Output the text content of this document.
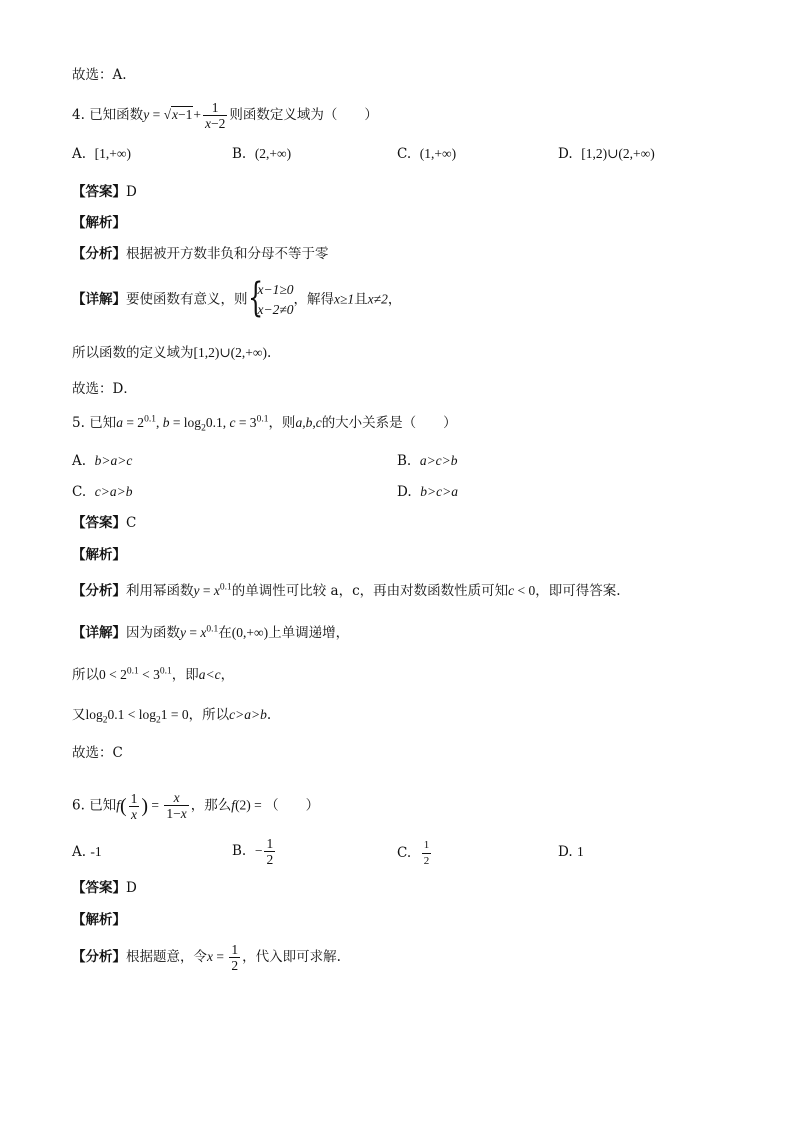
故选：A.
4. 已知函数$y = √x-1+ \frac{1}{x-2}$ 则函数定义域为（　　）
A. [1,+∞)	B. (2,+∞)	C. (1,+∞)	D. [1,2)∪(2,+∞)
【答案】D
【解析】
【分析】根据被开方数非负和分母不等于零
【详解】要使函数有意义，则 {
x−1≥0
x−2≠0
，解得x≥1且x≠2，
所以函数的定义域为[1,2)∪(2,+∞).
故选：D．
5. 已知$a = 2^{0.1}$, $b = \log_20.1$, $c = 3^{0.1}$，则a,b,c的大小关系是（　　）
A. b>a>c	B. a>c>b
C. c>a>b	D. b>c>a
【答案】C
【解析】
【分析】利用幂函数$y = x^{0.1}$的单调性可比较 a，c，再由对数函数性质可知c < 0，即可得答案.
【详解】因为函数$y = x^{0.1}$在(0,+∞)上单调递增，
所以$0 < 2^{0.1} < 3^{0.1}$，即a<c，
又$\log_20.1 < \log_21 = 0$，所以c>a>b.
故选：C
6. 已知$f( \frac{1}{x}$ ) = $\frac{x}{1-x}$ ，那么f(2) = （　　）
A. -1	B. − $\frac{1}{2}$	C. $\frac{1}{2}$	D. 1
【答案】D
【解析】
【分析】根据题意，令$x = \frac{1}{2}$ ，代入即可求解.
